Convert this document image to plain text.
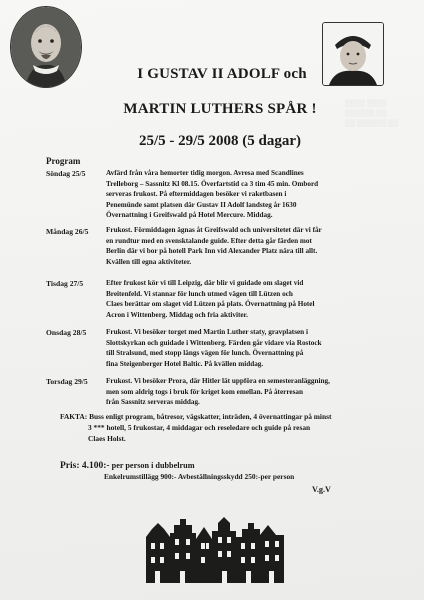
I GUSTAV II ADOLF och
MARTIN LUTHERS SPÅR !
25/5 - 29/5 2008 (5 dagar)
▒▒▒▒ ▒▒▒▒
▒▒▒▒▒▒ ▒▒
▒▒ ▒▒▒▒▒▒ ▒▒
Program
Söndag 25/5	Avfärd från våra hemorter tidig morgon. Avresa med Scandlines
Trelleborg – Sassnitz Kl 08.15. Överfartstid ca 3 tim 45 min. Ombord
serveras frukost. På eftermiddagen besöker vi raketbasen i
Penemünde samt platsen där Gustav II Adolf landsteg år 1630
Övernattning i Greifswald på Hotel Mercure. Middag.
Måndag 26/5 Frukost. Förmiddagen ägnas åt Greifswald och universitetet där vi får
en rundtur med en svensktalande guide. Efter detta går färden mot
Berlin där vi bor på hotell Park Inn vid Alexander Platz nära till allt.
Kvällen till egna aktiviteter.
Tisdag 27/5	Efter frukost kör vi till Leipzig, där blir vi guidade om slaget vid
Breitenfeld. Vi stannar för lunch utmed vägen till Lützen och
Claes berättar om slaget vid Lützen på plats. Övernattning på Hotel
Acron i Wittenberg. Middag och fria aktiviter.
Onsdag 28/5	Frukost. Vi besöker torget med Martin Luther staty, gravplatsen i
Slottskyrkan och guidade i Wittenberg. Färden går vidare via Rostock
till Stralsund, med stopp längs vägen för lunch. Övernattning på
fina Steigenberger Hotel Baltic. På kvällen middag.
Torsdag 29/5	Frukost. Vi besöker Prora, där Hitler lät uppföra en semesteranläggning,
men som aldrig togs i bruk för kriget kom emellan. På återresan
från Sassnitz serveras middag.
FAKTA: Buss enligt program, båtresor, vägskatter, inträden, 4 övernattingar på minst
3 *** hotell, 5 frukostar, 4 middagar och reseledare och guide på resan
Claes Holst.
Pris: 4.100:- per person i dubbelrum
Enkelrumstillägg 900:- Avbeställningsskydd 250:-per person
V.g.V
